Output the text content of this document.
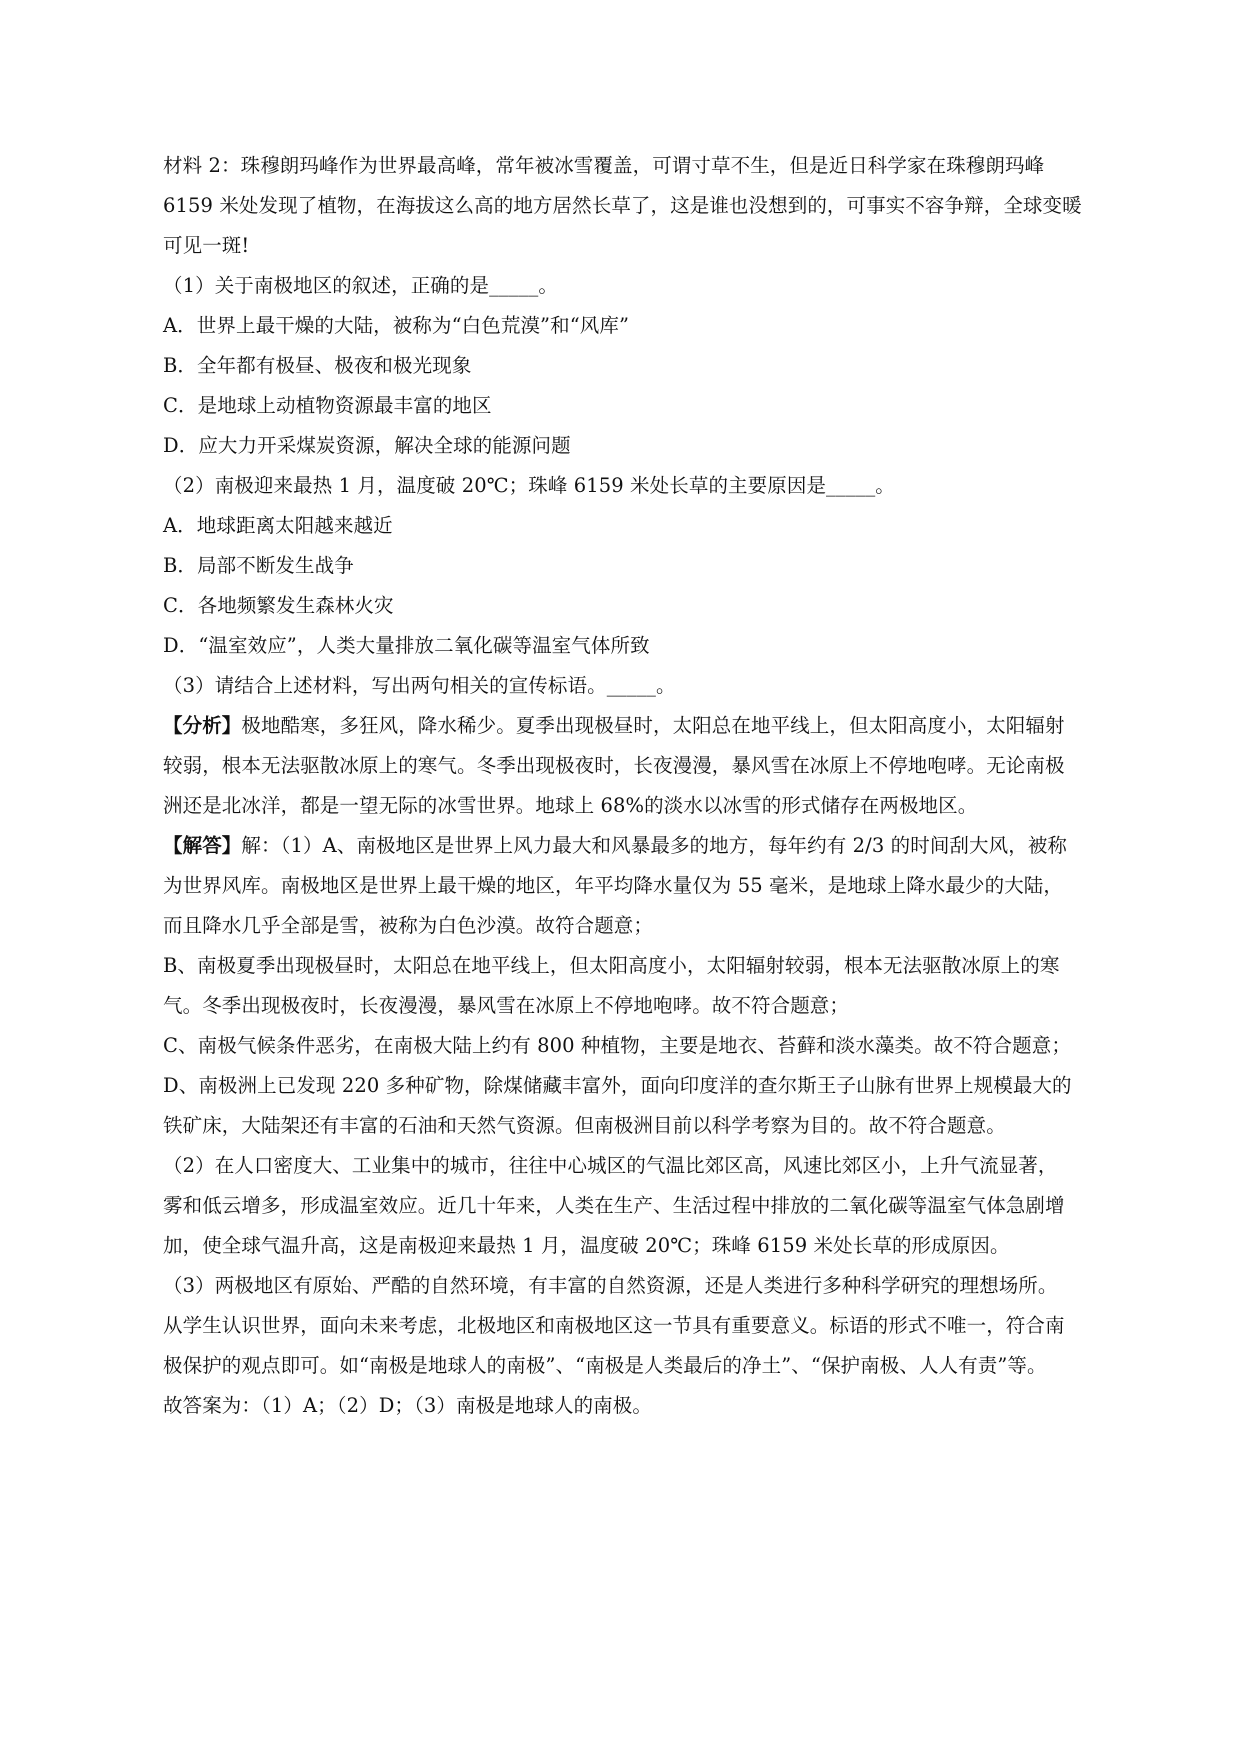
材料 2：珠穆朗玛峰作为世界最高峰，常年被冰雪覆盖，可谓寸草不生，但是近日科学家在珠穆朗玛峰
6159 米处发现了植物，在海拔这么高的地方居然长草了，这是谁也没想到的，可事实不容争辩，全球变暖
可见一斑!
（1）关于南极地区的叙述，正确的是_____。
A．世界上最干燥的大陆，被称为“白色荒漠”和“风库”
B．全年都有极昼、极夜和极光现象
C．是地球上动植物资源最丰富的地区
D．应大力开采煤炭资源，解决全球的能源问题
（2）南极迎来最热 1 月，温度破 20℃；珠峰 6159 米处长草的主要原因是_____。
A．地球距离太阳越来越近
B．局部不断发生战争
C．各地频繁发生森林火灾
D．“温室效应”，人类大量排放二氧化碳等温室气体所致
（3）请结合上述材料，写出两句相关的宣传标语。_____。
【分析】极地酷寒，多狂风，降水稀少。夏季出现极昼时，太阳总在地平线上，但太阳高度小，太阳辐射
较弱，根本无法驱散冰原上的寒气。冬季出现极夜时，长夜漫漫，暴风雪在冰原上不停地咆哮。无论南极
洲还是北冰洋，都是一望无际的冰雪世界。地球上 68%的淡水以冰雪的形式储存在两极地区。
【解答】解：（1）A、南极地区是世界上风力最大和风暴最多的地方，每年约有 2/3 的时间刮大风，被称
为世界风库。南极地区是世界上最干燥的地区，年平均降水量仅为 55 毫米，是地球上降水最少的大陆，
而且降水几乎全部是雪，被称为白色沙漠。故符合题意；
B、南极夏季出现极昼时，太阳总在地平线上，但太阳高度小，太阳辐射较弱，根本无法驱散冰原上的寒
气。冬季出现极夜时，长夜漫漫，暴风雪在冰原上不停地咆哮。故不符合题意；
C、南极气候条件恶劣，在南极大陆上约有 800 种植物，主要是地衣、苔藓和淡水藻类。故不符合题意；
D、南极洲上已发现 220 多种矿物，除煤储藏丰富外，面向印度洋的查尔斯王子山脉有世界上规模最大的
铁矿床，大陆架还有丰富的石油和天然气资源。但南极洲目前以科学考察为目的。故不符合题意。
（2）在人口密度大、工业集中的城市，往往中心城区的气温比郊区高，风速比郊区小，上升气流显著，
雾和低云增多，形成温室效应。近几十年来，人类在生产、生活过程中排放的二氧化碳等温室气体急剧增
加，使全球气温升高，这是南极迎来最热 1 月，温度破 20℃；珠峰 6159 米处长草的形成原因。
（3）两极地区有原始、严酷的自然环境，有丰富的自然资源，还是人类进行多种科学研究的理想场所。
从学生认识世界，面向未来考虑，北极地区和南极地区这一节具有重要意义。标语的形式不唯一，符合南
极保护的观点即可。如“南极是地球人的南极”、“南极是人类最后的净土”、“保护南极、人人有责”等。
故答案为：（1）A；（2）D；（3）南极是地球人的南极。
